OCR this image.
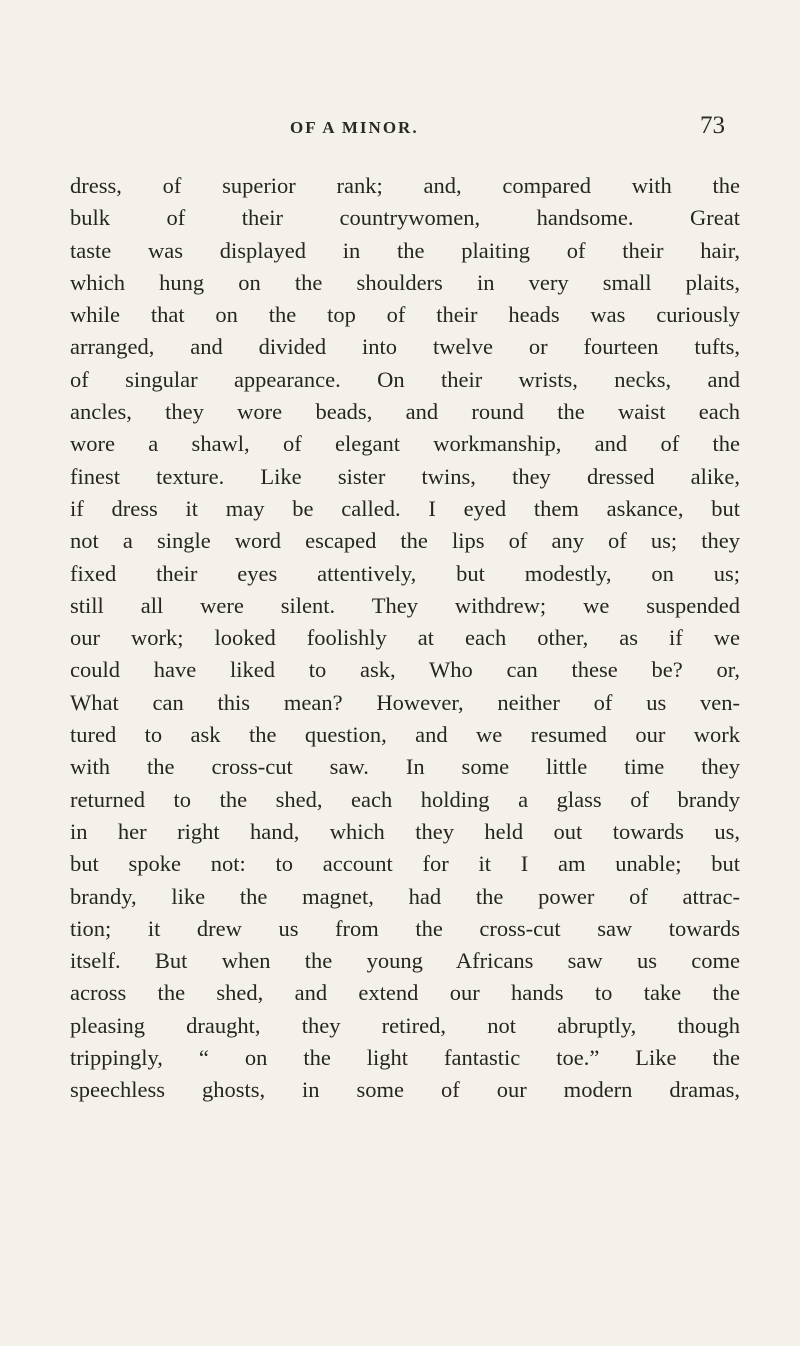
OF A MINOR.	73
dress, of superior rank; and, compared with the
bulk of their countrywomen, handsome. Great
taste was displayed in the plaiting of their hair,
which hung on the shoulders in very small plaits,
while that on the top of their heads was curiously
arranged, and divided into twelve or fourteen tufts,
of singular appearance. On their wrists, necks, and
ancles, they wore beads, and round the waist each
wore a shawl, of elegant workmanship, and of the
finest texture. Like sister twins, they dressed alike,
if dress it may be called. I eyed them askance, but
not a single word escaped the lips of any of us; they
fixed their eyes attentively, but modestly, on us;
still all were silent. They withdrew; we suspended
our work; looked foolishly at each other, as if we
could have liked to ask, Who can these be? or,
What can this mean? However, neither of us ven-
tured to ask the question, and we resumed our work
with the cross-cut saw. In some little time they
returned to the shed, each holding a glass of brandy
in her right hand, which they held out towards us,
but spoke not: to account for it I am unable; but
brandy, like the magnet, had the power of attrac-
tion; it drew us from the cross-cut saw towards
itself. But when the young Africans saw us come
across the shed, and extend our hands to take the
pleasing draught, they retired, not abruptly, though
trippingly, “ on the light fantastic toe.” Like the
speechless ghosts, in some of our modern dramas,
